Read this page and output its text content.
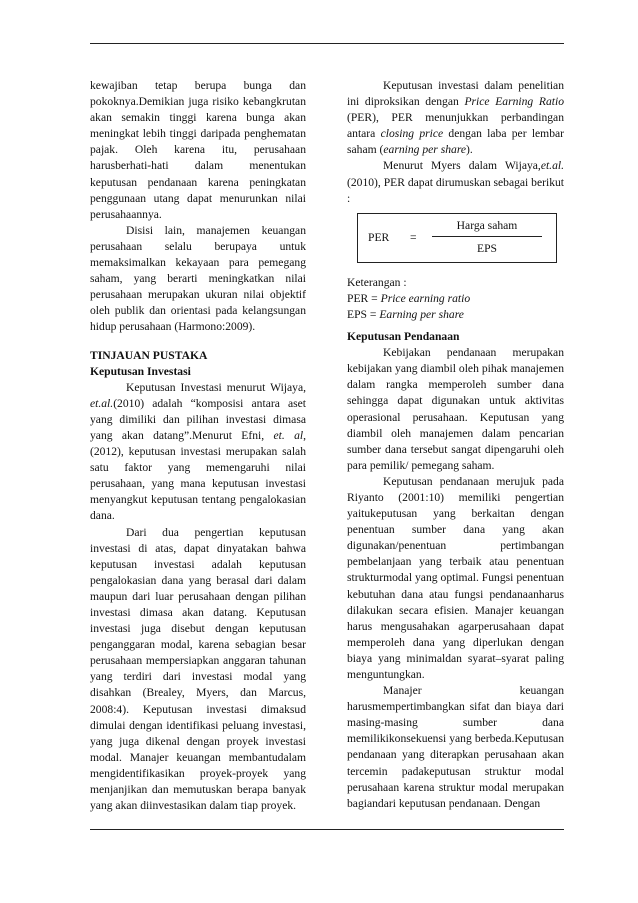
kewajiban tetap berupa bunga dan pokoknya.Demikian juga risiko kebangkrutan akan semakin tinggi karena bunga akan meningkat lebih tinggi daripada penghematan pajak. Oleh karena itu, perusahaan harusberhati-hati dalam menentukan keputusan pendanaan karena peningkatan penggunaan utang dapat menurunkan nilai perusahaannya.

Disisi lain, manajemen keuangan perusahaan selalu berupaya untuk memaksimalkan kekayaan para pemegang saham, yang berarti meningkatkan nilai perusahaan merupakan ukuran nilai objektif oleh publik dan orientasi pada kelangsungan hidup perusahaan (Harmono:2009).

TINJAUAN PUSTAKA
Keputusan Investasi

Keputusan Investasi menurut Wijaya, et.al.(2010) adalah “komposisi antara aset yang dimiliki dan pilihan investasi dimasa yang akan datang”.Menurut Efni, et. al, (2012), keputusan investasi merupakan salah satu faktor yang memengaruhi nilai perusahaan, yang mana keputusan investasi menyangkut keputusan tentang pengalokasian dana.

Dari dua pengertian keputusan investasi di atas, dapat dinyatakan bahwa keputusan investasi adalah keputusan pengalokasian dana yang berasal dari dalam maupun dari luar perusahaan dengan pilihan investasi dimasa akan datang. Keputusan investasi juga disebut dengan keputusan penganggaran modal, karena sebagian besar perusahaan mempersiapkan anggaran tahunan yang terdiri dari investasi modal yang disahkan (Brealey, Myers, dan Marcus, 2008:4). Keputusan investasi dimaksud dimulai dengan identifikasi peluang investasi, yang juga dikenal dengan proyek investasi modal. Manajer keuangan membantudalam mengidentifikasikan proyek-proyek yang menjanjikan dan memutuskan berapa banyak yang akan diinvestasikan dalam tiap proyek.

Keputusan investasi dalam penelitian ini diproksikan dengan Price Earning Ratio (PER), PER menunjukkan perbandingan antara closing price dengan laba per lembar saham (earning per share).

Menurut Myers dalam Wijaya,et.al. (2010), PER dapat dirumuskan sebagai berikut :

PER =
Harga saham
EPS

Keterangan :

PER = Price earning ratio

EPS = Earning per share

Keputusan Pendanaan

Kebijakan pendanaan merupakan kebijakan yang diambil oleh pihak manajemen dalam rangka memperoleh sumber dana sehingga dapat digunakan untuk aktivitas operasional perusahaan. Keputusan yang diambil oleh manajemen dalam pencarian sumber dana tersebut sangat dipengaruhi oleh para pemilik/ pemegang saham.

Keputusan pendanaan merujuk pada Riyanto (2001:10) memiliki pengertian yaitukeputusan yang berkaitan dengan penentuan sumber dana yang akan digunakan/penentuan pertimbangan pembelanjaan yang terbaik atau penentuan strukturmodal yang optimal. Fungsi penentuan kebutuhan dana atau fungsi pendanaanharus dilakukan secara efisien. Manajer keuangan harus mengusahakan agarperusahaan dapat memperoleh dana yang diperlukan dengan biaya yang minimaldan syarat–syarat paling menguntungkan.

Manajer keuangan harusmempertimbangkan sifat dan biaya dari masing-masing sumber dana memilikikonsekuensi yang berbeda.Keputusan pendanaan yang diterapkan perusahaan akan tercemin padakeputusan struktur modal perusahaan karena struktur modal merupakan bagiandari keputusan pendanaan. Dengan
